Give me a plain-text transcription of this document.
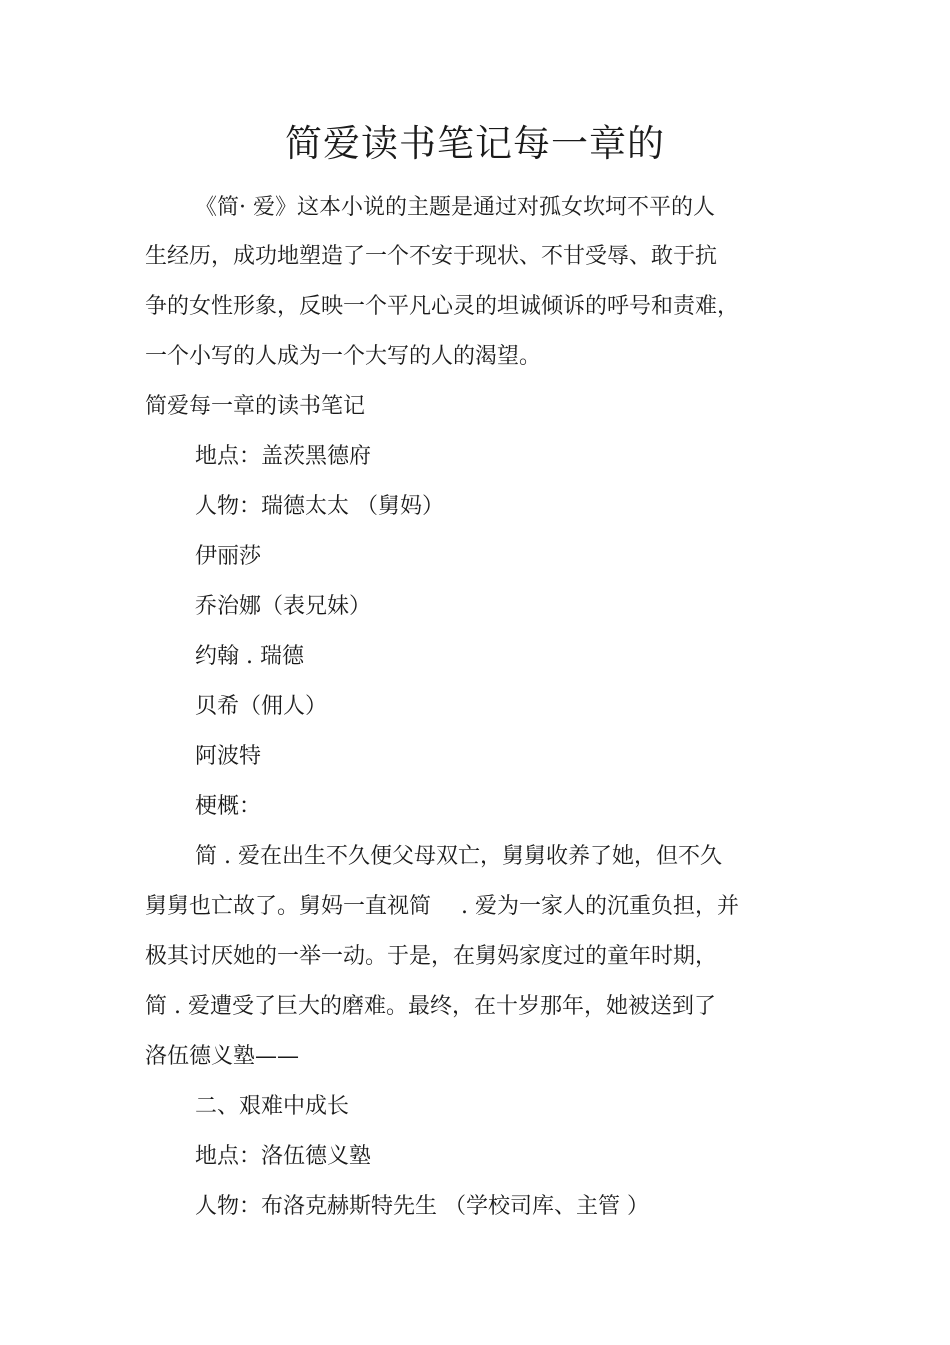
简爱读书笔记每一章的

《简· 爱》这本小说的主题是通过对孤女坎坷不平的人

生经历，成功地塑造了一个不安于现状、不甘受辱、敢于抗

争的女性形象，反映一个平凡心灵的坦诚倾诉的呼号和责难，

一个小写的人成为一个大写的人的渴望。

简爱每一章的读书笔记

地点：盖茨黑德府

人物：瑞德太太 （舅妈）

伊丽莎

乔治娜（表兄妹）

约翰 . 瑞德

贝希（佣人）

阿波特

梗概：

简 . 爱在出生不久便父母双亡，舅舅收养了她，但不久

舅舅也亡故了。舅妈一直视简 . 爱为一家人的沉重负担，并

极其讨厌她的一举一动。于是，在舅妈家度过的童年时期，

简 . 爱遭受了巨大的磨难。最终，在十岁那年，她被送到了

洛伍德义塾——

二、艰难中成长

地点：洛伍德义塾

人物：布洛克赫斯特先生 （学校司库、主管 ）
